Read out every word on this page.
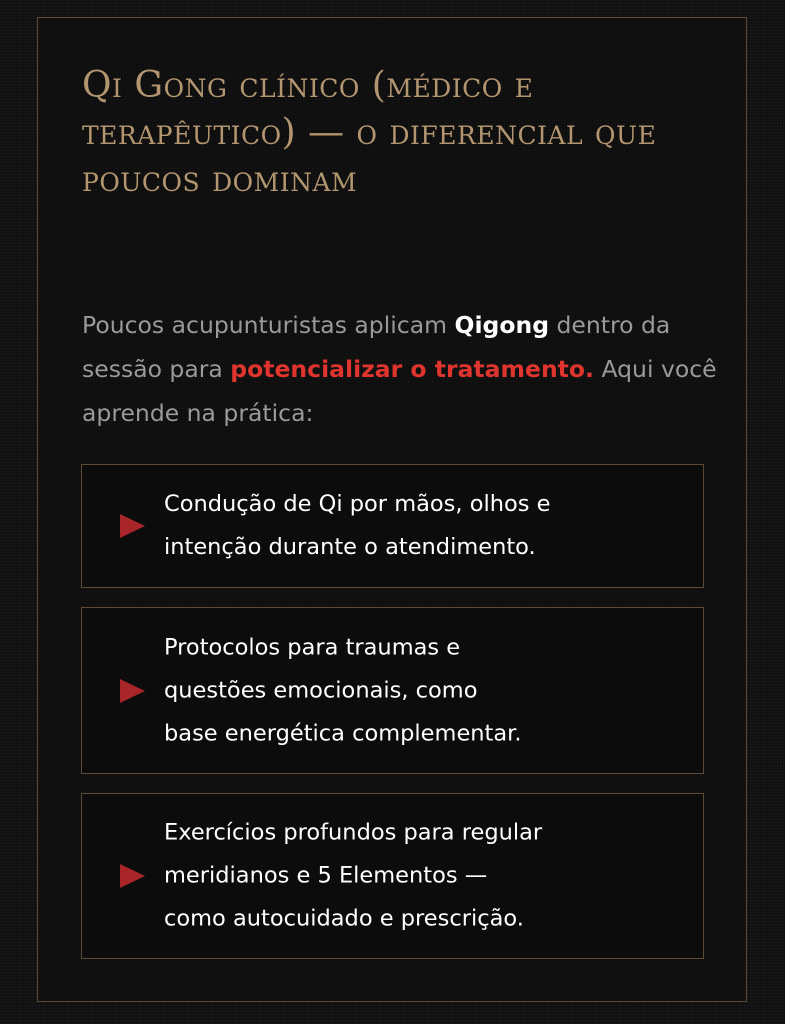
Qi Gong clínico (médico e terapêutico) — o diferencial que poucos dominam

Poucos acupunturistas aplicam Qigong dentro da sessão para potencializar o tratamento. Aqui você aprende na prática:

Condução de Qi por mãos, olhos e
intenção durante o atendimento.

Protocolos para traumas e
questões emocionais, como
base energética complementar.

Exercícios profundos para regular
meridianos e 5 Elementos —
como autocuidado e prescrição.
